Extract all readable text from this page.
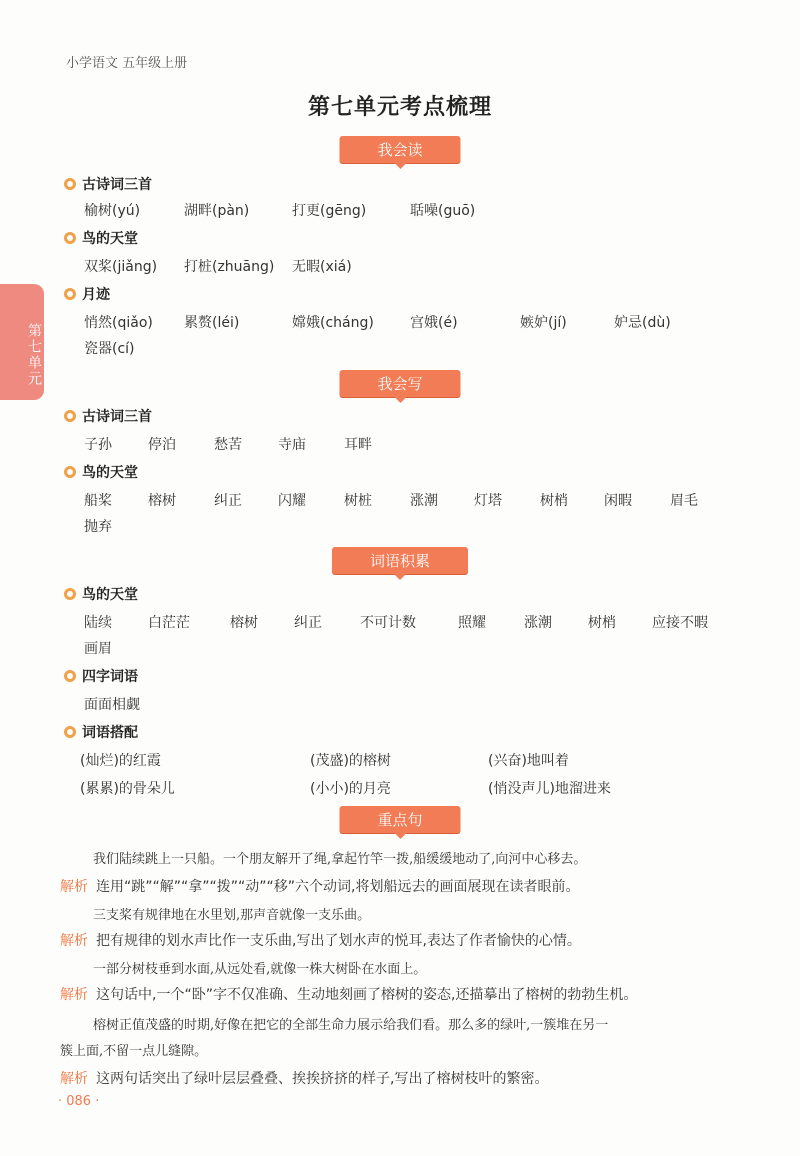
小学语文 五年级上册
第七单元考点梳理
第七单元
我会读
古诗词三首
榆树(yú)	湖畔(pàn)	打更(gēng)	聒噪(guō)
鸟的天堂
双桨(jiǎng) 打桩(zhuāng) 无暇(xiá)
月迹
悄然(qiǎo) 累赘(léi)	嫦娥(cháng)	宫娥(é)	嫉妒(jí)	妒忌(dù)
瓷器(cí)
我会写
古诗词三首
子孙	停泊	愁苦	寺庙	耳畔
鸟的天堂
船桨	榕树	纠正	闪耀	树桩	涨潮	灯塔	树梢	闲暇	眉毛
抛弃
词语积累
鸟的天堂
陆续	白茫茫	榕树	纠正	不可计数	照耀	涨潮	树梢	应接不暇
画眉
四字词语
面面相觑
词语搭配
(灿烂)的红霞	(茂盛)的榕树	(兴奋)地叫着
(累累)的骨朵儿	(小小)的月亮	(悄没声儿)地溜进来
重点句
我们陆续跳上一只船。一个朋友解开了绳,拿起竹竿一拨,船缓缓地动了,向河中心移去。
解析 连用“跳”“解”“拿”“拨”“动”“移”六个动词,将划船远去的画面展现在读者眼前。
三支桨有规律地在水里划,那声音就像一支乐曲。
解析 把有规律的划水声比作一支乐曲,写出了划水声的悦耳,表达了作者愉快的心情。
一部分树枝垂到水面,从远处看,就像一株大树卧在水面上。
解析 这句话中,一个“卧”字不仅准确、生动地刻画了榕树的姿态,还描摹出了榕树的勃勃生机。
榕树正值茂盛的时期,好像在把它的全部生命力展示给我们看。那么多的绿叶,一簇堆在另一
簇上面,不留一点儿缝隙。
解析 这两句话突出了绿叶层层叠叠、挨挨挤挤的样子,写出了榕树枝叶的繁密。
· 086 ·
